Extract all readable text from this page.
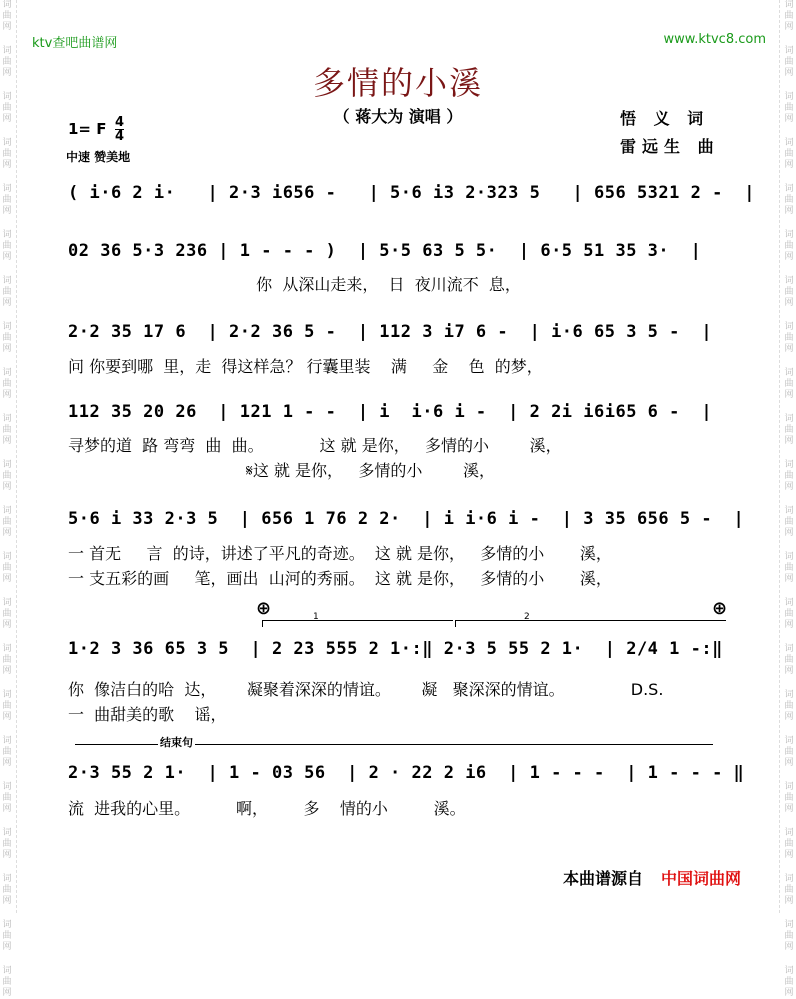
词曲网
词曲网
词曲网
词曲网
词曲网
词曲网
词曲网
词曲网
词曲网
词曲网
词曲网
词曲网
词曲网
词曲网
词曲网
词曲网
词曲网
词曲网
词曲网
词曲网
词曲网
词曲网
词曲网
词曲网
词曲网
词曲网
词曲网
词曲网
词曲网
词曲网
词曲网
词曲网
词曲网
词曲网
词曲网
词曲网
词曲网
词曲网
词曲网
词曲网
词曲网
词曲网
词曲网
词曲网
ktv查吧曲谱网	www.ktvc8.com
多情的小溪
（ 蒋大为 演唱 ）	悟 义 词
雷远生 曲
1= F 4
4
中速 赞美地
( i·6 2 i·   | 2·3 i656 -   | 5·6 i3 2·323 5   | 656 5321 2 -  |
02 36 5·3 236 | 1 - - - )  | 5·5 63 5 5·  | 6·5 51 35 3·  |
你  从深山走来，  日  夜川流不  息，
2·2 35 17 6  | 2·2 36 5 -  | 112 3 i7 6 -  | i·6 65 3 5 -  |
问 你要到哪  里，走  得这样急？ 行囊里装    满     金    色  的梦，
112 35 20 26  | 121 1 - -  | i  i·6 i -  | 2 2i i6i65 6 -  |
寻梦的道  路 弯弯  曲  曲。           这 就 是你，   多情的小        溪，
𝄋这 就 是你，   多情的小        溪，
5·6 i 33 2·3 5  | 656 1 76 2 2·  | i i·6 i -  | 3 35 656 5 -  |
一 首无     言  的诗，讲述了平凡的奇迹。  这 就 是你，   多情的小       溪，
一 支五彩的画     笔，画出  山河的秀丽。  这 就 是你，   多情的小       溪，
⊕	⊕
1	2
1·2 3 36 65 3 5  | 2 23 555 2 1·:‖ 2·3 5 55 2 1·  | 2/4 1 -:‖
你  像洁白的哈  达，      凝聚着深深的情谊。      凝   聚深深的情谊。             D.S.
一  曲甜美的歌    谣，
结束句
2·3 55 2 1·  | 1 - 03 56  | 2 · 22 2 i6  | 1 - - -  | 1 - - - ‖
流  进我的心里。         啊，       多    情的小         溪。
本曲谱源自 中国词曲网
